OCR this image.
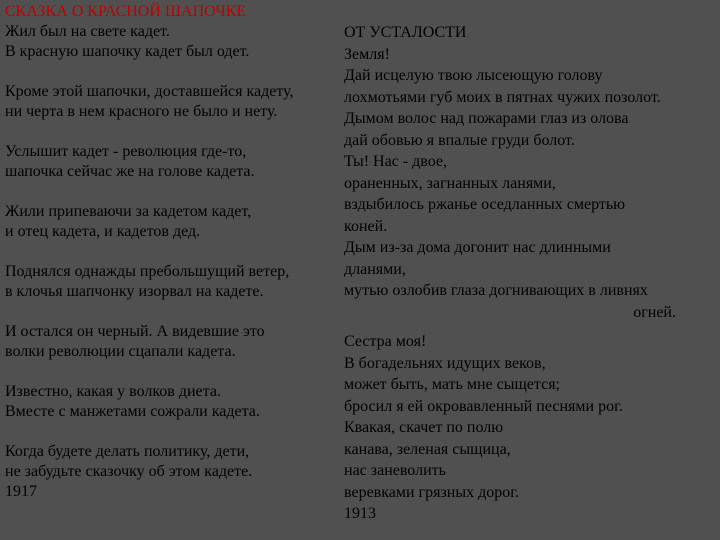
СКАЗКА О КРАСНОЙ ШАПОЧКЕ
Жил был на свете кадет.
В красную шапочку кадет был одет.
Кроме этой шапочки, доставшейся кадету,
ни черта в нем красного не было и нету.
Услышит кадет - революция где-то,
шапочка сейчас же на голове кадета.
Жили припеваючи за кадетом кадет,
и отец кадета, и кадетов дед.
Поднялся однажды пребольшущий ветер,
в клочья шапчонку изорвал на кадете.
И остался он черный. А видевшие это
волки революции сцапали кадета.
Известно, какая у волков диета.
Вместе с манжетами сожрали кадета.
Когда будете делать политику, дети,
не забудьте сказочку об этом кадете.
1917
ОТ УСТАЛОСТИ
Земля!
Дай исцелую твою лысеющую голову
лохмотьями губ моих в пятнах чужих позолот.
Дымом волос над пожарами глаз из олова
дай обовью я впалые груди болот.
Ты! Нас - двое,
ораненных, загнанных ланями,
вздыбилось ржанье оседланных смертью
коней.
Дым из-за дома догонит нас длинными
дланями,
мутью озлобив глаза догнивающих в ливнях
огней.
Сестра моя!
В богадельнях идущих веков,
может быть, мать мне сыщется;
бросил я ей окровавленный песнями рог.
Квакая, скачет по полю
канава, зеленая сыщица,
нас заневолить
веревками грязных дорог.
1913
